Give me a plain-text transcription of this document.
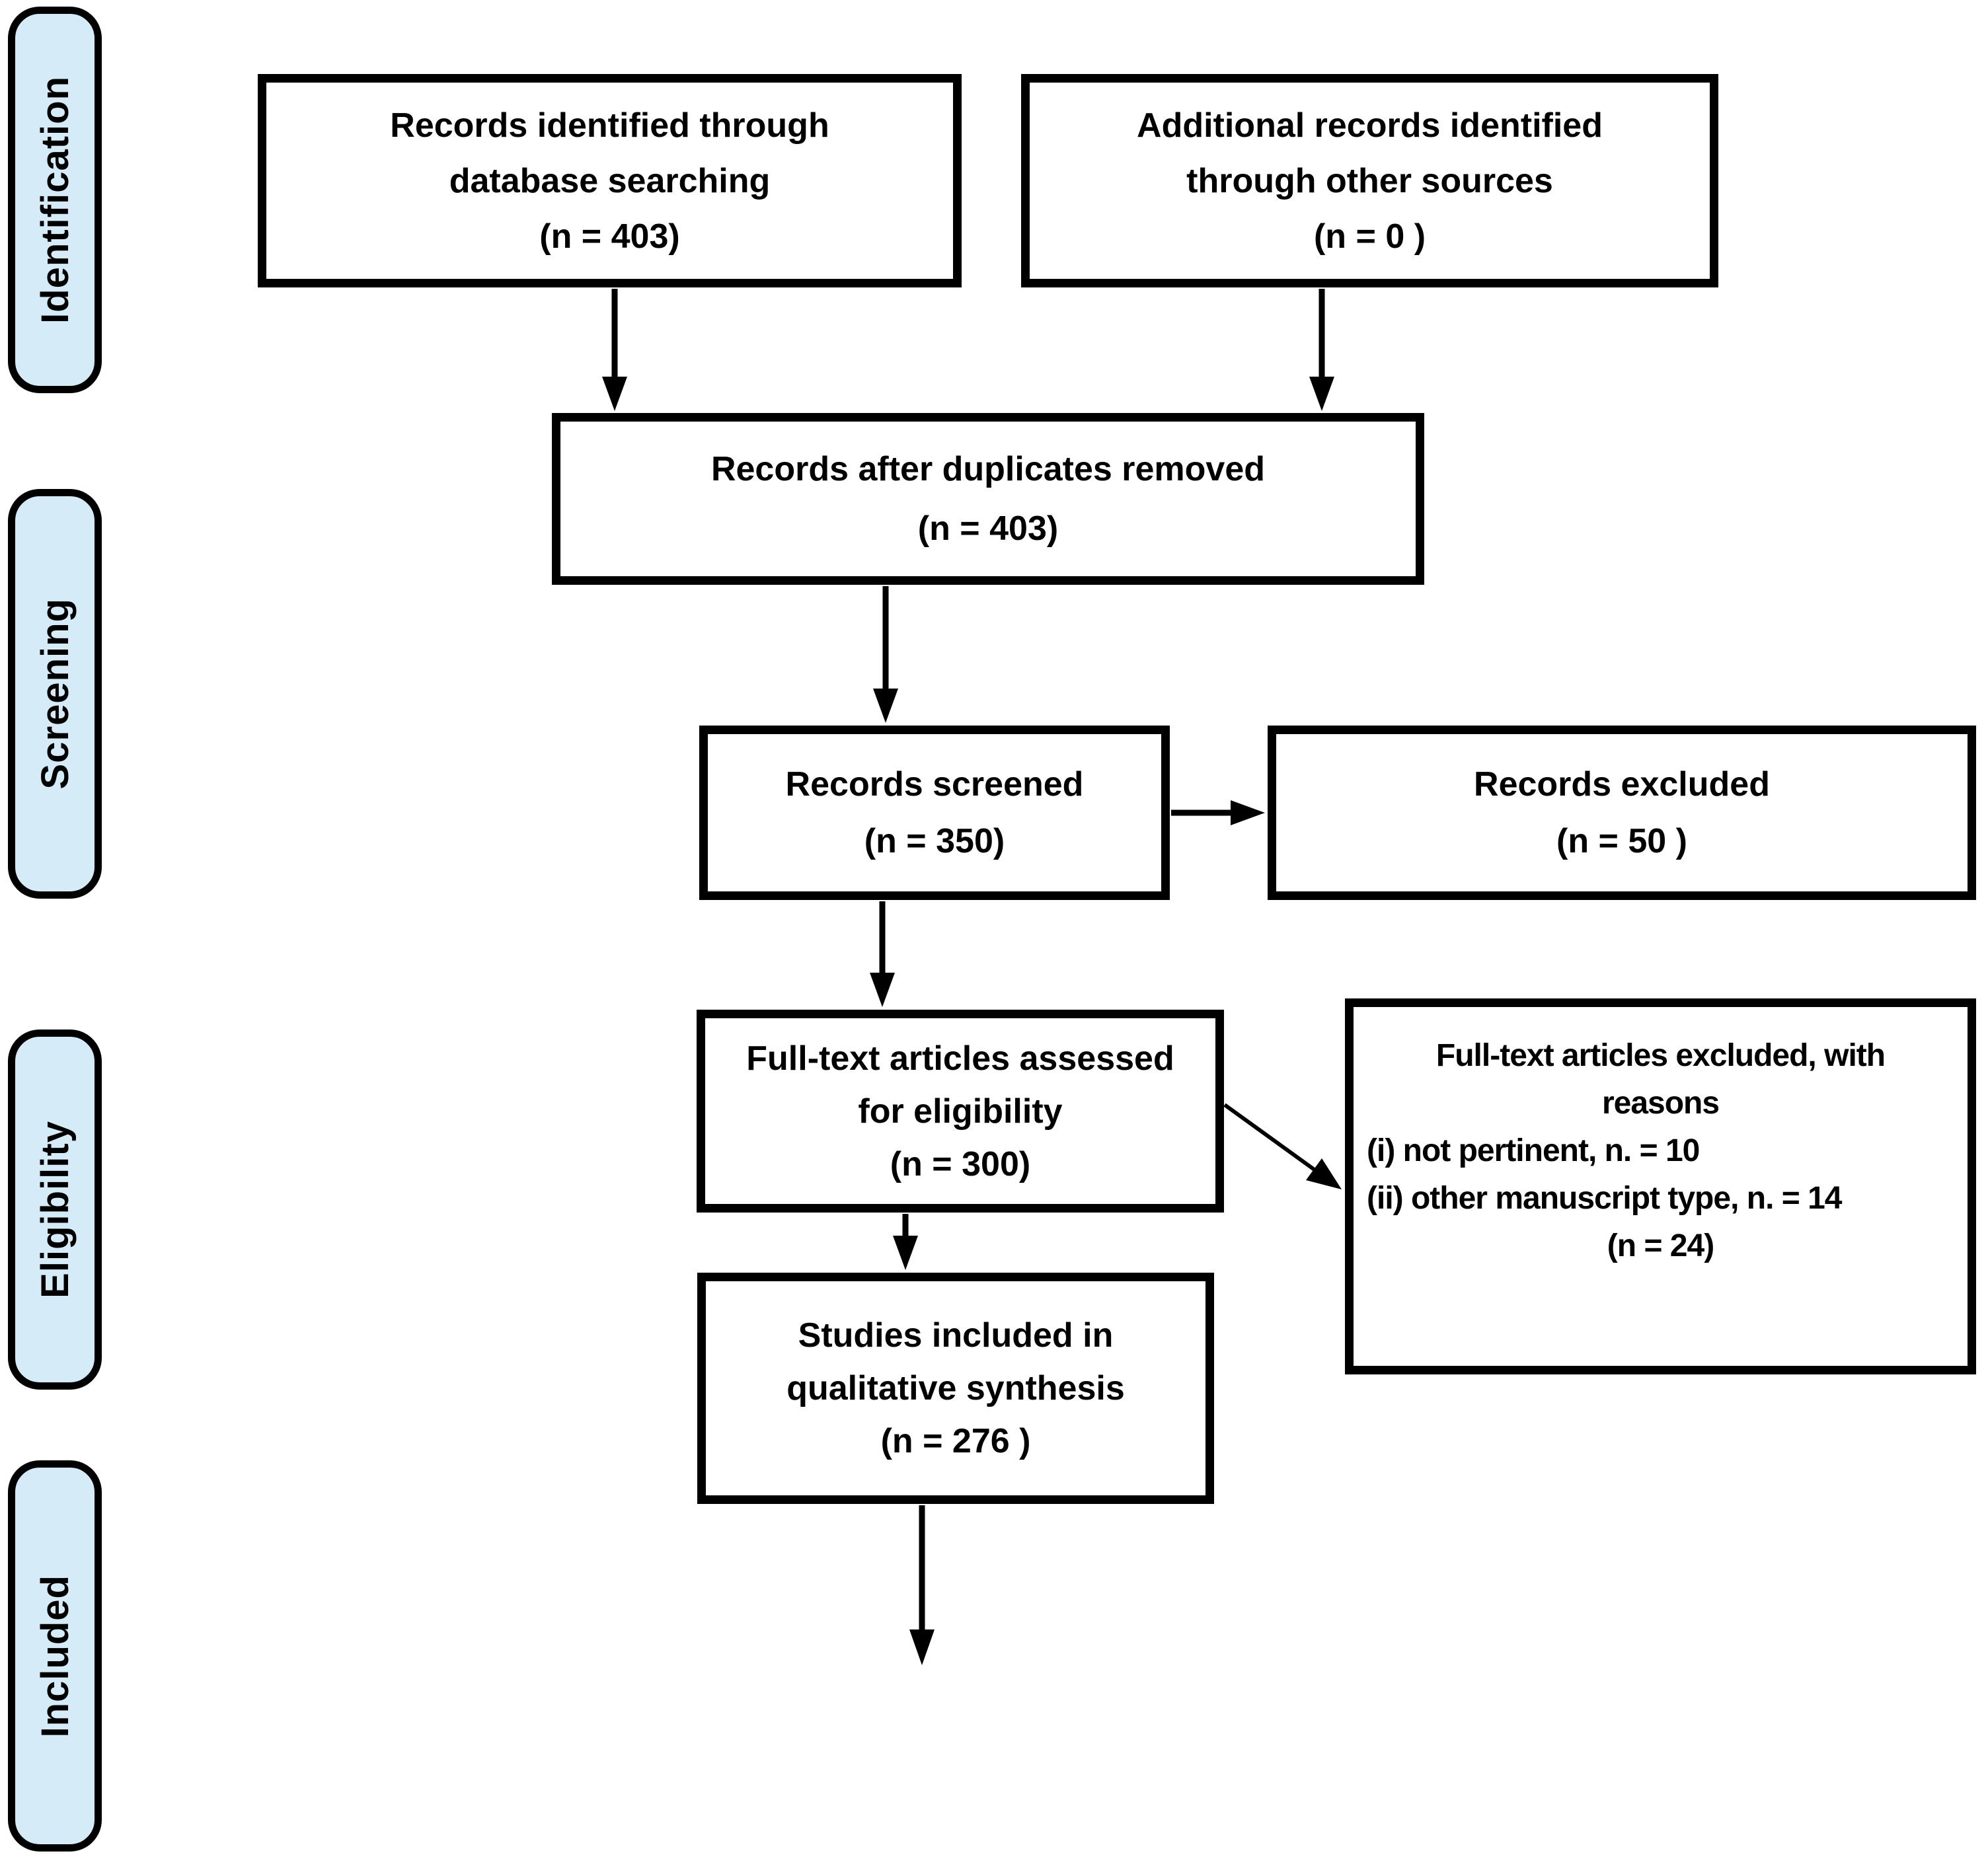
Identification
Screening
Eligibility
Included
Records identified through
database searching
(n = 403)
Additional records identified
through other sources
(n = 0 )
Records after duplicates removed
(n = 403)
Records screened
(n = 350)
Records excluded
(n = 50 )
Full-text articles assessed
for eligibility
(n = 300)
Full-text articles excluded, with
reasons
(i) not pertinent, n. = 10
(ii) other manuscript type, n. = 14
(n = 24)
Studies included in
qualitative synthesis
(n = 276 )
